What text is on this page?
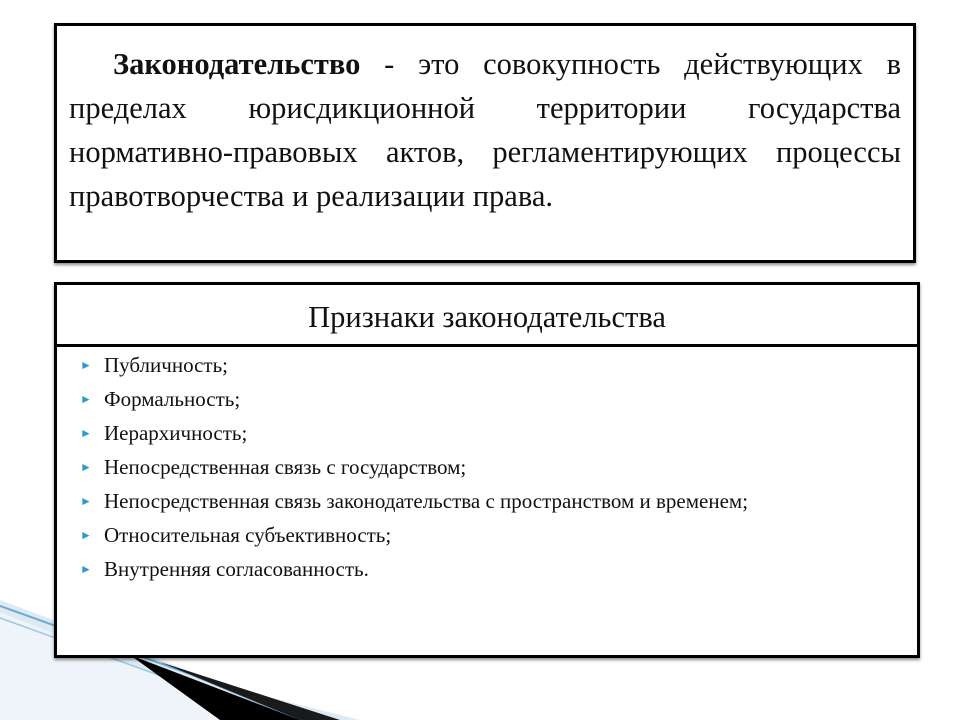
Законодательство - это совокупность действующих в пределах юрисдикционной территории государства нормативно-правовых актов, регламентирующих процессы правотворчества и реализации права.

Признаки законодательства
► Публичность;
► Формальность;
► Иерархичность;
► Непосредственная связь с государством;
► Непосредственная связь законодательства с пространством и временем;
► Относительная субъективность;
► Внутренняя согласованность.
